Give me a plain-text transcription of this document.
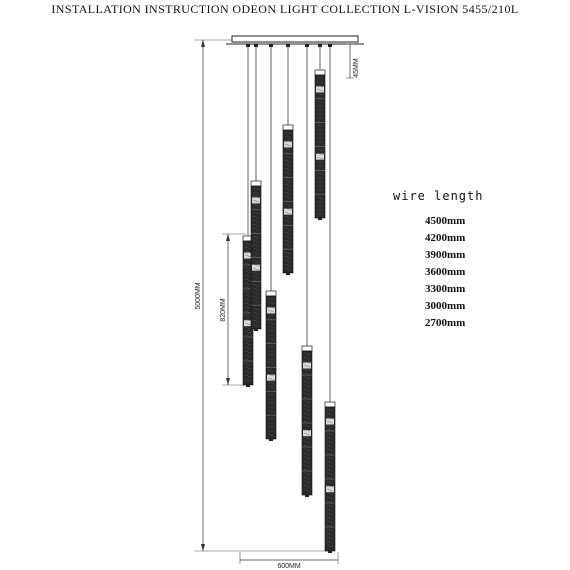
INSTALLATION INSTRUCTION ODEON LIGHT COLLECTION L-VISION 5455/210L
5000MM
820MM
45MM
600MM
wire length
4500mm
4200mm
3900mm
3600mm
3300mm
3000mm
2700mm
